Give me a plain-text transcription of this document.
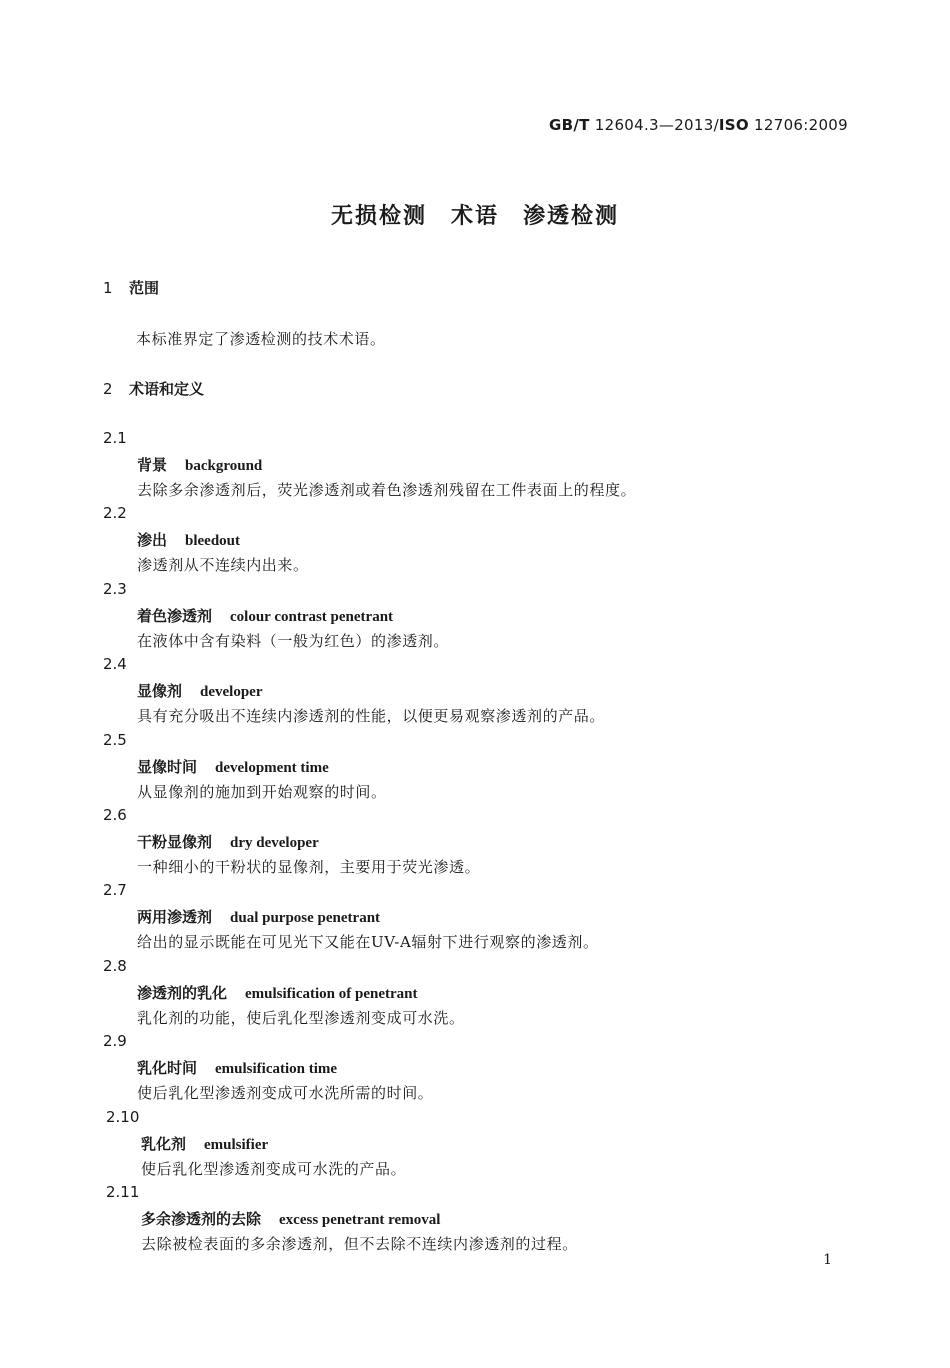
GB/T 12604.3—2013/ISO 12706:2009
无损检测　术语　渗透检测
1 范围
本标准界定了渗透检测的技术术语。
2 术语和定义
2.1
背景 background
去除多余渗透剂后，荧光渗透剂或着色渗透剂残留在工件表面上的程度。
2.2
渗出 bleedout
渗透剂从不连续内出来。
2.3
着色渗透剂 colour contrast penetrant
在液体中含有染料（一般为红色）的渗透剂。
2.4
显像剂 developer
具有充分吸出不连续内渗透剂的性能，以便更易观察渗透剂的产品。
2.5
显像时间 development time
从显像剂的施加到开始观察的时间。
2.6
干粉显像剂 dry developer
一种细小的干粉状的显像剂，主要用于荧光渗透。
2.7
两用渗透剂 dual purpose penetrant
给出的显示既能在可见光下又能在UV-A辐射下进行观察的渗透剂。
2.8
渗透剂的乳化 emulsification of penetrant
乳化剂的功能，使后乳化型渗透剂变成可水洗。
2.9
乳化时间 emulsification time
使后乳化型渗透剂变成可水洗所需的时间。
2.10
乳化剂 emulsifier
使后乳化型渗透剂变成可水洗的产品。
2.11
多余渗透剂的去除 excess penetrant removal
去除被检表面的多余渗透剂，但不去除不连续内渗透剂的过程。
1
